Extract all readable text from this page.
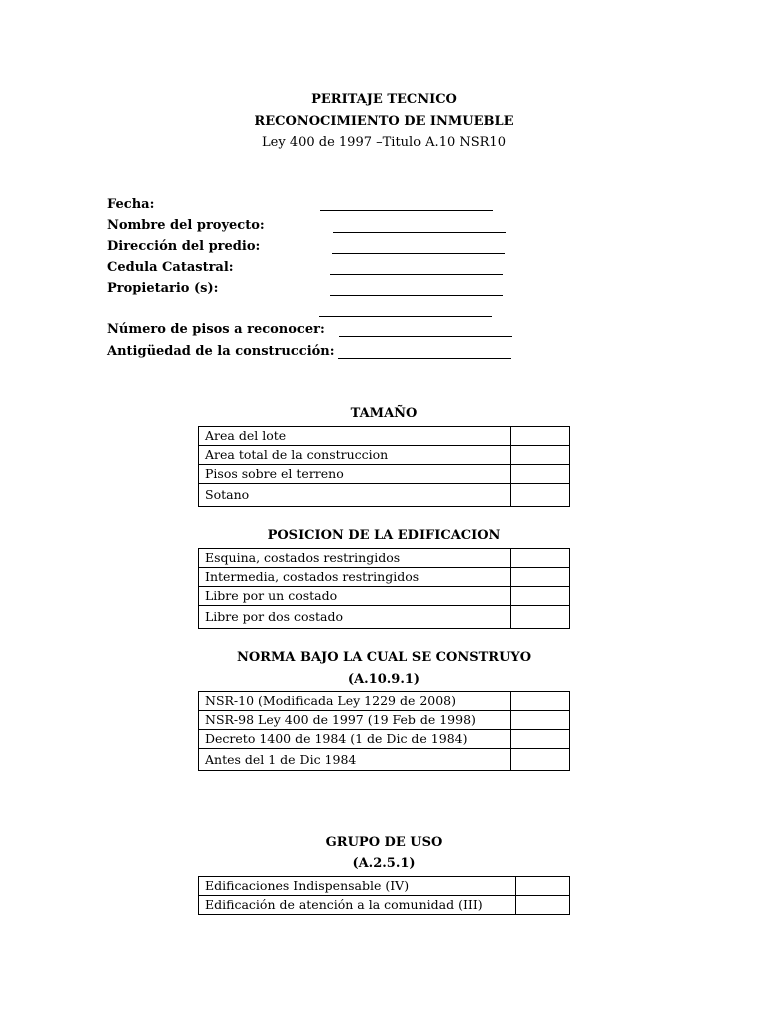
PERITAJE TECNICO
RECONOCIMIENTO DE INMUEBLE
Ley 400 de 1997 –Titulo A.10 NSR10
Fecha:
Nombre del proyecto:
Dirección del predio:
Cedula Catastral:
Propietario (s):
Número de pisos a reconocer:
Antigüedad de la construcción:
TAMAÑO
Area del lote	
Area total de la construccion	
Pisos sobre el terreno	
Sotano	
POSICION DE LA EDIFICACION
Esquina, costados restringidos	
Intermedia, costados restringidos	
Libre por un costado	
Libre por dos costado	
NORMA BAJO LA CUAL SE CONSTRUYO
(A.10.9.1)
NSR-10 (Modificada Ley 1229 de 2008)	
NSR-98 Ley 400 de 1997 (19 Feb de 1998)	
Decreto 1400 de 1984 (1 de Dic de 1984)	
Antes del 1 de Dic 1984	
GRUPO DE USO
(A.2.5.1)
Edificaciones Indispensable (IV)	
Edificación de atención a la comunidad (III)	
